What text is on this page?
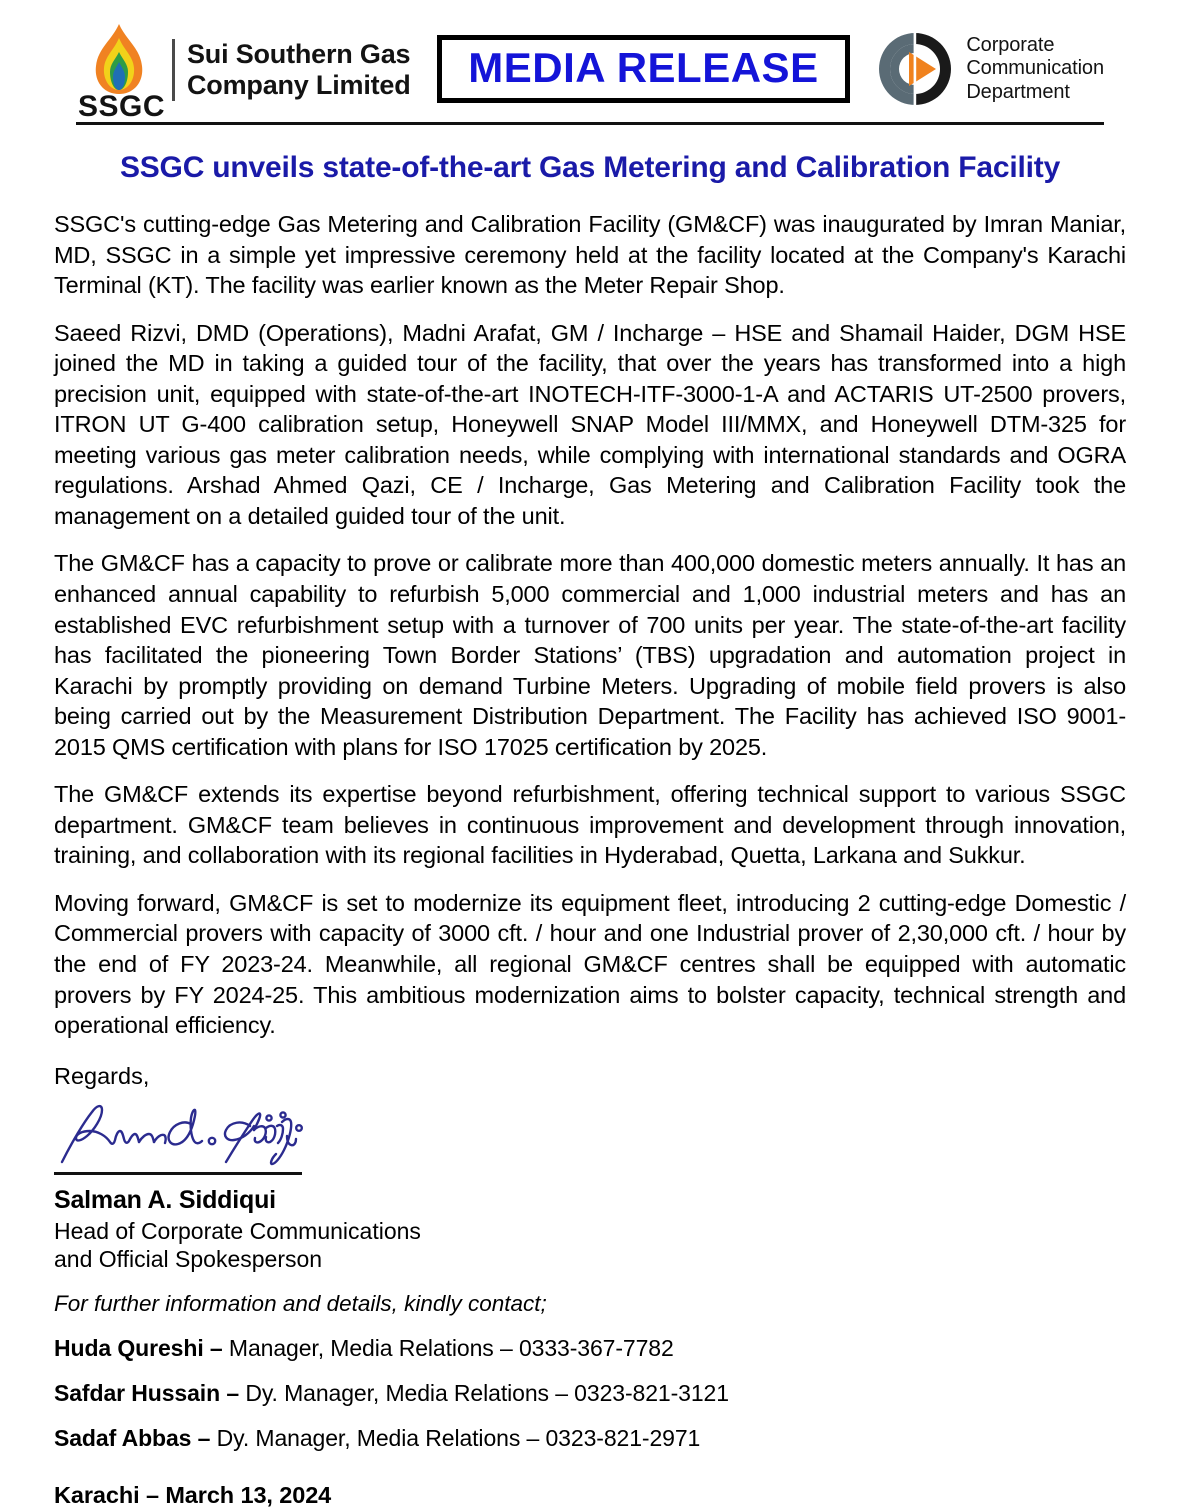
SSGC
Sui Southern Gas
Company Limited MEDIA RELEASE	Corporate
Communication
Department
SSGC unveils state-of-the-art Gas Metering and Calibration Facility

SSGC's cutting-edge Gas Metering and Calibration Facility (GM&CF) was inaugurated by Imran Maniar, MD, SSGC in a simple yet impressive ceremony held at the facility located at the Company's Karachi Terminal (KT). The facility was earlier known as the Meter Repair Shop.

Saeed Rizvi, DMD (Operations), Madni Arafat, GM / Incharge – HSE and Shamail Haider, DGM HSE joined the MD in taking a guided tour of the facility, that over the years has transformed into a high precision unit, equipped with state-of-the-art INOTECH-ITF-3000-1-A and ACTARIS UT-2500 provers, ITRON UT G-400 calibration setup, Honeywell SNAP Model III/MMX, and Honeywell DTM-325 for meeting various gas meter calibration needs, while complying with international standards and OGRA regulations. Arshad Ahmed Qazi, CE / Incharge, Gas Metering and Calibration Facility took the management on a detailed guided tour of the unit.

The GM&CF has a capacity to prove or calibrate more than 400,000 domestic meters annually. It has an enhanced annual capability to refurbish 5,000 commercial and 1,000 industrial meters and has an established EVC refurbishment setup with a turnover of 700 units per year. The state-of-the-art facility has facilitated the pioneering Town Border Stations’ (TBS) upgradation and automation project in Karachi by promptly providing on demand Turbine Meters. Upgrading of mobile field provers is also being carried out by the Measurement Distribution Department. The Facility has achieved ISO 9001-2015 QMS certification with plans for ISO 17025 certification by 2025.

The GM&CF extends its expertise beyond refurbishment, offering technical support to various SSGC department. GM&CF team believes in continuous improvement and development through innovation, training, and collaboration with its regional facilities in Hyderabad, Quetta, Larkana and Sukkur.

Moving forward, GM&CF is set to modernize its equipment fleet, introducing 2 cutting-edge Domestic / Commercial provers with capacity of 3000 cft. / hour and one Industrial prover of 2,30,000 cft. / hour by the end of FY 2023-24. Meanwhile, all regional GM&CF centres shall be equipped with automatic provers by FY 2024-25. This ambitious modernization aims to bolster capacity, technical strength and operational efficiency.

Regards,
Salman A. Siddiqui
Head of Corporate Communications
and Official Spokesperson
For further information and details, kindly contact;
Huda Qureshi – Manager, Media Relations – 0333-367-7782
Safdar Hussain – Dy. Manager, Media Relations – 0323-821-3121
Sadaf Abbas – Dy. Manager, Media Relations – 0323-821-2971
Karachi – March 13, 2024
